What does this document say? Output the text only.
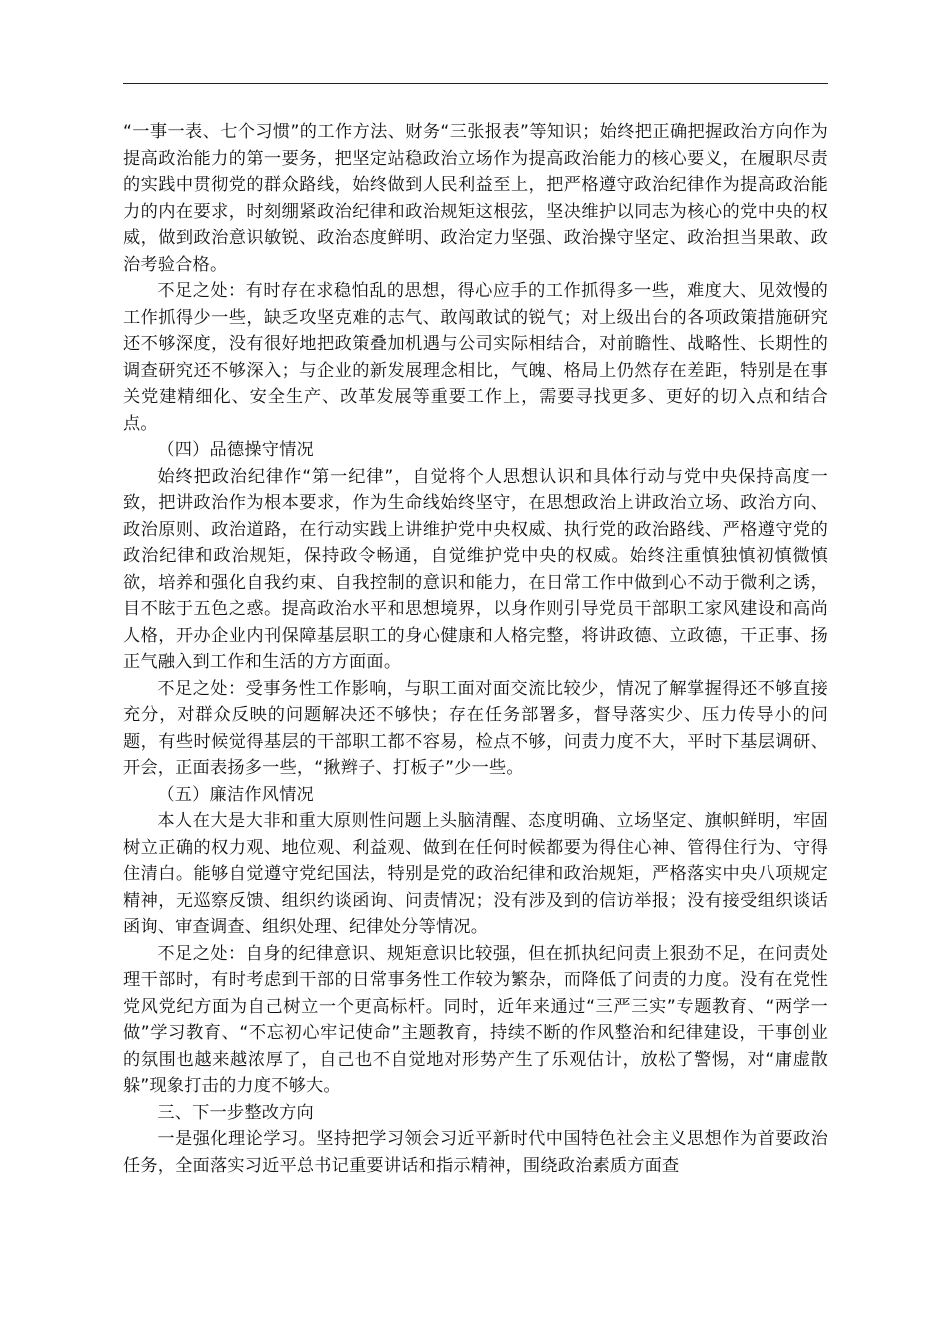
“一事一表、七个习惯”的工作方法、财务“三张报表”等知识；始终把正确把握政治方向作为提高政治能力的第一要务，把坚定站稳政治立场作为提高政治能力的核心要义，在履职尽责的实践中贯彻党的群众路线，始终做到人民利益至上，把严格遵守政治纪律作为提高政治能力的内在要求，时刻绷紧政治纪律和政治规矩这根弦，坚决维护以同志为核心的党中央的权威，做到政治意识敏锐、政治态度鲜明、政治定力坚强、政治操守坚定、政治担当果敢、政治考验合格。

不足之处：有时存在求稳怕乱的思想，得心应手的工作抓得多一些，难度大、见效慢的工作抓得少一些，缺乏攻坚克难的志气、敢闯敢试的锐气；对上级出台的各项政策措施研究还不够深度，没有很好地把政策叠加机遇与公司实际相结合，对前瞻性、战略性、长期性的调查研究还不够深入；与企业的新发展理念相比，气魄、格局上仍然存在差距，特别是在事关党建精细化、安全生产、改革发展等重要工作上，需要寻找更多、更好的切入点和结合点。

（四）品德操守情况

始终把政治纪律作“第一纪律”，自觉将个人思想认识和具体行动与党中央保持高度一致，把讲政治作为根本要求，作为生命线始终坚守，在思想政治上讲政治立场、政治方向、政治原则、政治道路，在行动实践上讲维护党中央权威、执行党的政治路线、严格遵守党的政治纪律和政治规矩，保持政令畅通，自觉维护党中央的权威。始终注重慎独慎初慎微慎欲，培养和强化自我约束、自我控制的意识和能力，在日常工作中做到心不动于微利之诱，目不眩于五色之惑。提高政治水平和思想境界，以身作则引导党员干部职工家风建设和高尚人格，开办企业内刊保障基层职工的身心健康和人格完整，将讲政德、立政德，干正事、扬正气融入到工作和生活的方方面面。

不足之处：受事务性工作影响，与职工面对面交流比较少，情况了解掌握得还不够直接充分，对群众反映的问题解决还不够快；存在任务部署多，督导落实少、压力传导小的问题，有些时候觉得基层的干部职工都不容易，检点不够，问责力度不大，平时下基层调研、开会，正面表扬多一些，“揪辫子、打板子”少一些。

（五）廉洁作风情况

本人在大是大非和重大原则性问题上头脑清醒、态度明确、立场坚定、旗帜鲜明，牢固树立正确的权力观、地位观、利益观、做到在任何时候都要为得住心神、管得住行为、守得住清白。能够自觉遵守党纪国法，特别是党的政治纪律和政治规矩，严格落实中央八项规定精神，无巡察反馈、组织约谈函询、问责情况；没有涉及到的信访举报；没有接受组织谈话函询、审查调查、组织处理、纪律处分等情况。

不足之处：自身的纪律意识、规矩意识比较强，但在抓执纪问责上狠劲不足，在问责处理干部时，有时考虑到干部的日常事务性工作较为繁杂，而降低了问责的力度。没有在党性党风党纪方面为自己树立一个更高标杆。同时，近年来通过“三严三实”专题教育、“两学一做”学习教育、“不忘初心牢记使命”主题教育，持续不断的作风整治和纪律建设，干事创业的氛围也越来越浓厚了，自己也不自觉地对形势产生了乐观估计，放松了警惕，对“庸虚散躲”现象打击的力度不够大。

三、下一步整改方向

一是强化理论学习。坚持把学习领会习近平新时代中国特色社会主义思想作为首要政治任务，全面落实习近平总书记重要讲话和指示精神，围绕政治素质方面查
